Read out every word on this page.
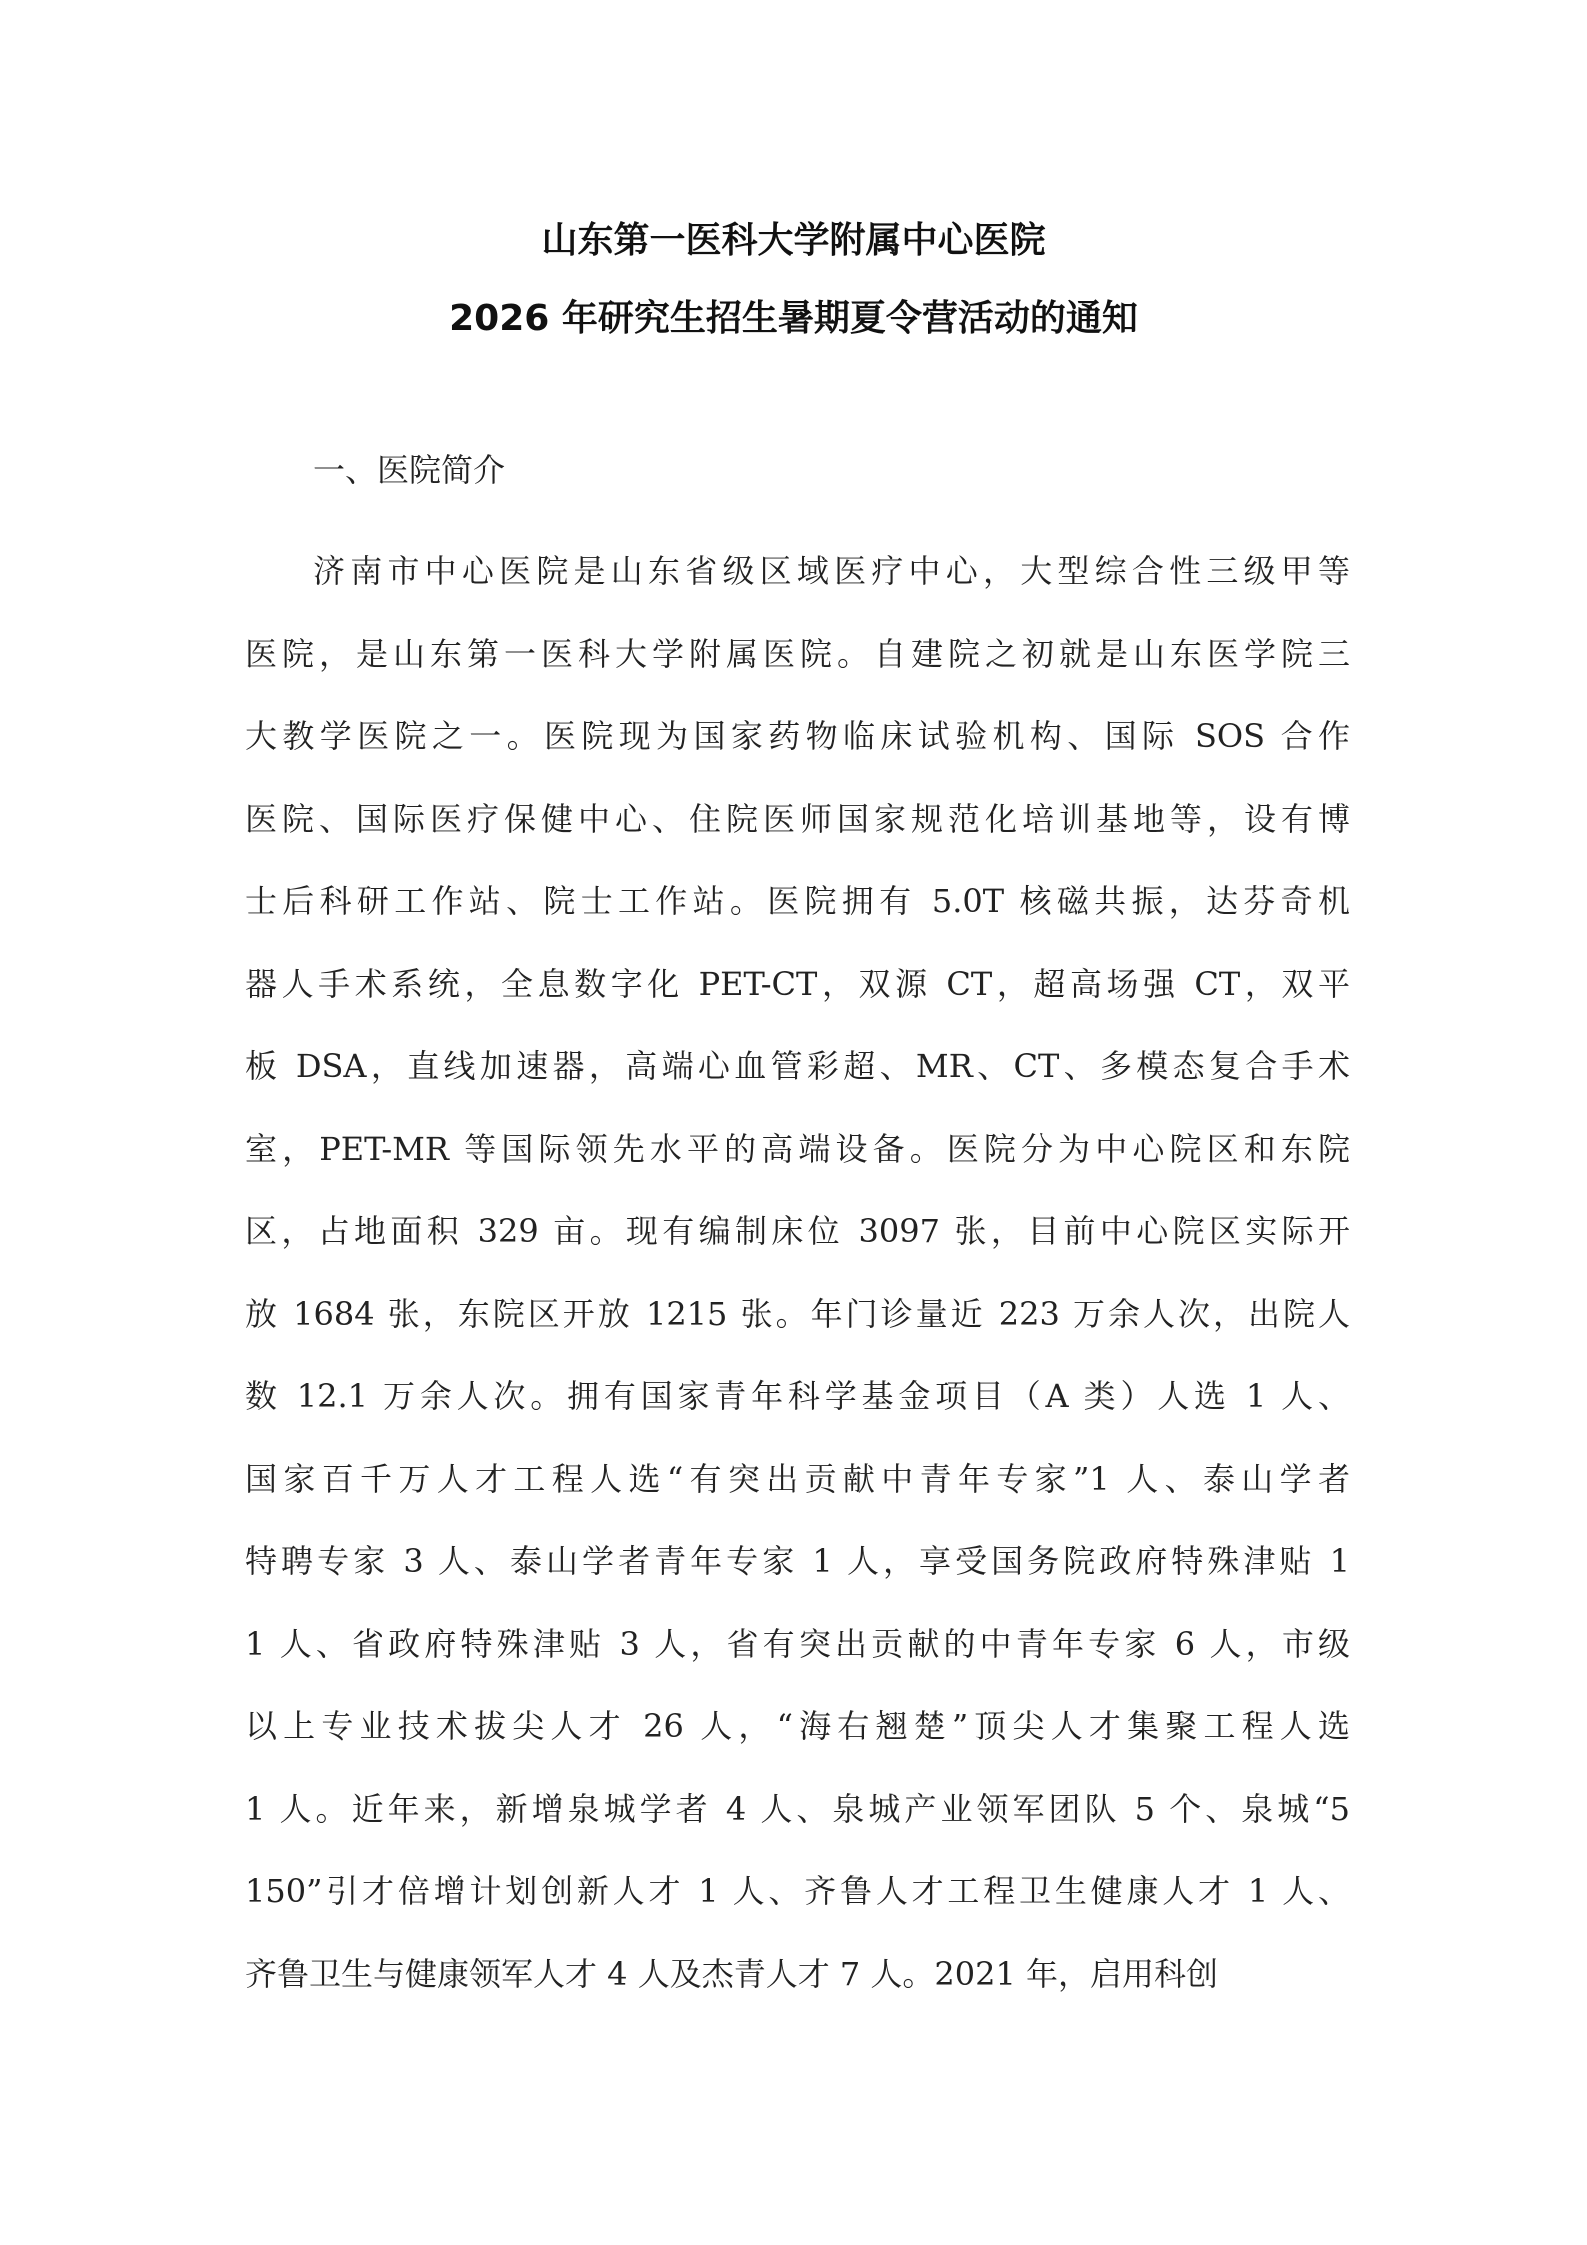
山东第一医科大学附属中心医院
2026 年研究生招生暑期夏令营活动的通知
一、医院简介
济南市中心医院是山东省级区域医疗中心，大型综合性三级甲等
医院，是山东第一医科大学附属医院。自建院之初就是山东医学院三
大教学医院之一。医院现为国家药物临床试验机构、国际 SOS 合作
医院、国际医疗保健中心、住院医师国家规范化培训基地等，设有博
士后科研工作站、院士工作站。医院拥有 5.0T 核磁共振，达芬奇机
器人手术系统，全息数字化 PET-CT，双源 CT，超高场强 CT，双平
板 DSA，直线加速器，高端心血管彩超、MR、CT、多模态复合手术
室，PET-MR 等国际领先水平的高端设备。医院分为中心院区和东院
区，占地面积 329 亩。现有编制床位 3097 张，目前中心院区实际开
放 1684 张，东院区开放 1215 张。年门诊量近 223 万余人次，出院人
数 12.1 万余人次。拥有国家青年科学基金项目（A 类）人选 1 人、
国家百千万人才工程人选“有突出贡献中青年专家”1 人、泰山学者
特聘专家 3 人、泰山学者青年专家 1 人，享受国务院政府特殊津贴 1
1 人、省政府特殊津贴 3 人，省有突出贡献的中青年专家 6 人，市级
以上专业技术拔尖人才 26 人，“海右翘楚”顶尖人才集聚工程人选
1 人。近年来，新增泉城学者 4 人、泉城产业领军团队 5 个、泉城“5
150”引才倍增计划创新人才 1 人、齐鲁人才工程卫生健康人才 1 人、
齐鲁卫生与健康领军人才 4 人及杰青人才 7 人。2021 年，启用科创
